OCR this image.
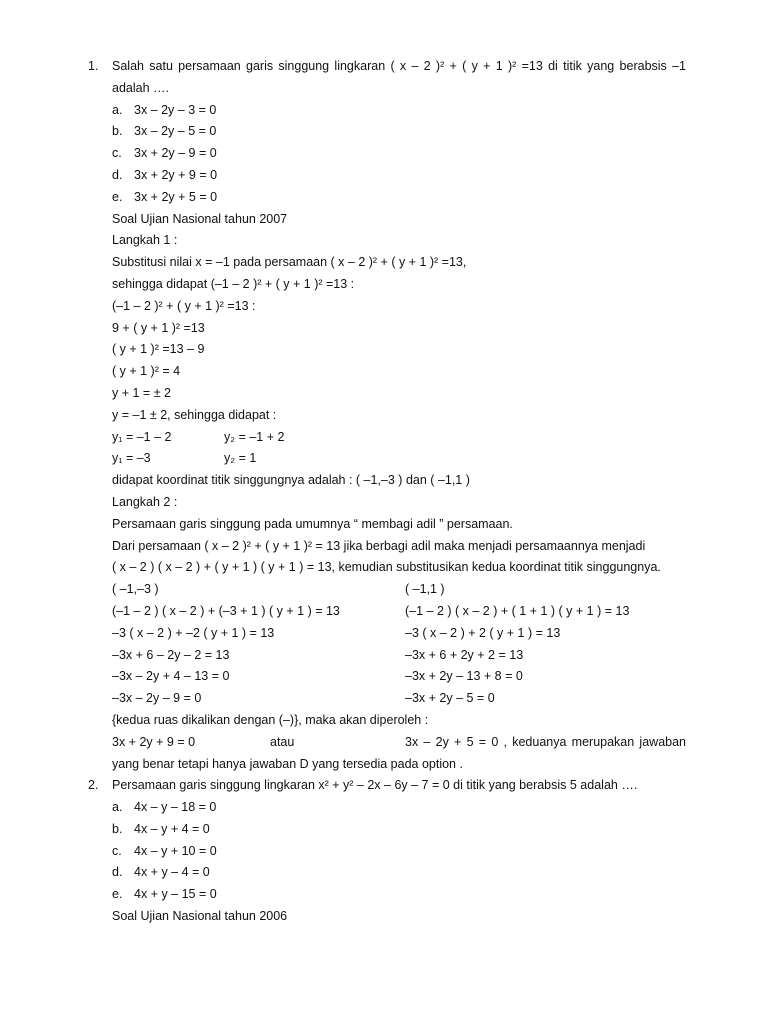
1. Salah satu persamaan garis singgung lingkaran ( x – 2 )² + ( y + 1 )² =13 di titik yang berabsis –1 adalah ….
a. 3x – 2y – 3 = 0
b. 3x – 2y – 5 = 0
c. 3x + 2y – 9 = 0
d. 3x + 2y + 9 = 0
e. 3x + 2y + 5 = 0
Soal Ujian Nasional tahun 2007
Langkah 1 :
Substitusi nilai x = –1 pada persamaan ( x – 2 )² + ( y + 1 )² =13,
sehingga didapat (–1 – 2 )² + ( y + 1 )² =13 :
(–1 – 2 )² + ( y + 1 )² =13 :
9 + ( y + 1 )² =13
( y + 1 )² =13 – 9
( y + 1 )² = 4
y + 1 = ± 2
y = –1 ± 2, sehingga didapat :
y₁ = –1 – 2	y₂ = –1 + 2
y₁ = –3	y₂ = 1
didapat koordinat titik singgungnya adalah : ( –1,–3 ) dan ( –1,1 )
Langkah 2 :
Persamaan garis singgung pada umumnya “ membagi adil ” persamaan.
Dari persamaan ( x – 2 )² + ( y + 1 )² = 13 jika berbagi adil maka menjadi persamaannya menjadi
( x – 2 ) ( x – 2 ) + ( y + 1 ) ( y + 1 ) = 13, kemudian substitusikan kedua koordinat titik singgungnya.
( –1,–3 )	( –1,1 )
(–1 – 2 ) ( x – 2 ) + (–3 + 1 ) ( y + 1 ) = 13	(–1 – 2 ) ( x – 2 ) + ( 1 + 1 ) ( y + 1 ) = 13
–3 ( x – 2 ) + –2 ( y + 1 ) = 13	–3 ( x – 2 ) + 2 ( y + 1 ) = 13
–3x + 6 – 2y – 2 = 13	–3x + 6 + 2y + 2 = 13
–3x – 2y + 4 – 13 = 0	–3x + 2y – 13 + 8 = 0
–3x – 2y – 9 = 0	–3x + 2y – 5 = 0
{kedua ruas dikalikan dengan (–)}, maka akan diperoleh :
3x + 2y + 9 = 0	atau	3x – 2y + 5 = 0 , keduanya merupakan jawaban
yang benar tetapi hanya jawaban D yang tersedia pada option .
2. Persamaan garis singgung lingkaran x² + y² – 2x – 6y – 7 = 0 di titik yang berabsis 5 adalah ….
a. 4x – y – 18 = 0
b. 4x – y + 4 = 0
c. 4x – y + 10 = 0
d. 4x + y – 4 = 0
e. 4x + y – 15 = 0
Soal Ujian Nasional tahun 2006
